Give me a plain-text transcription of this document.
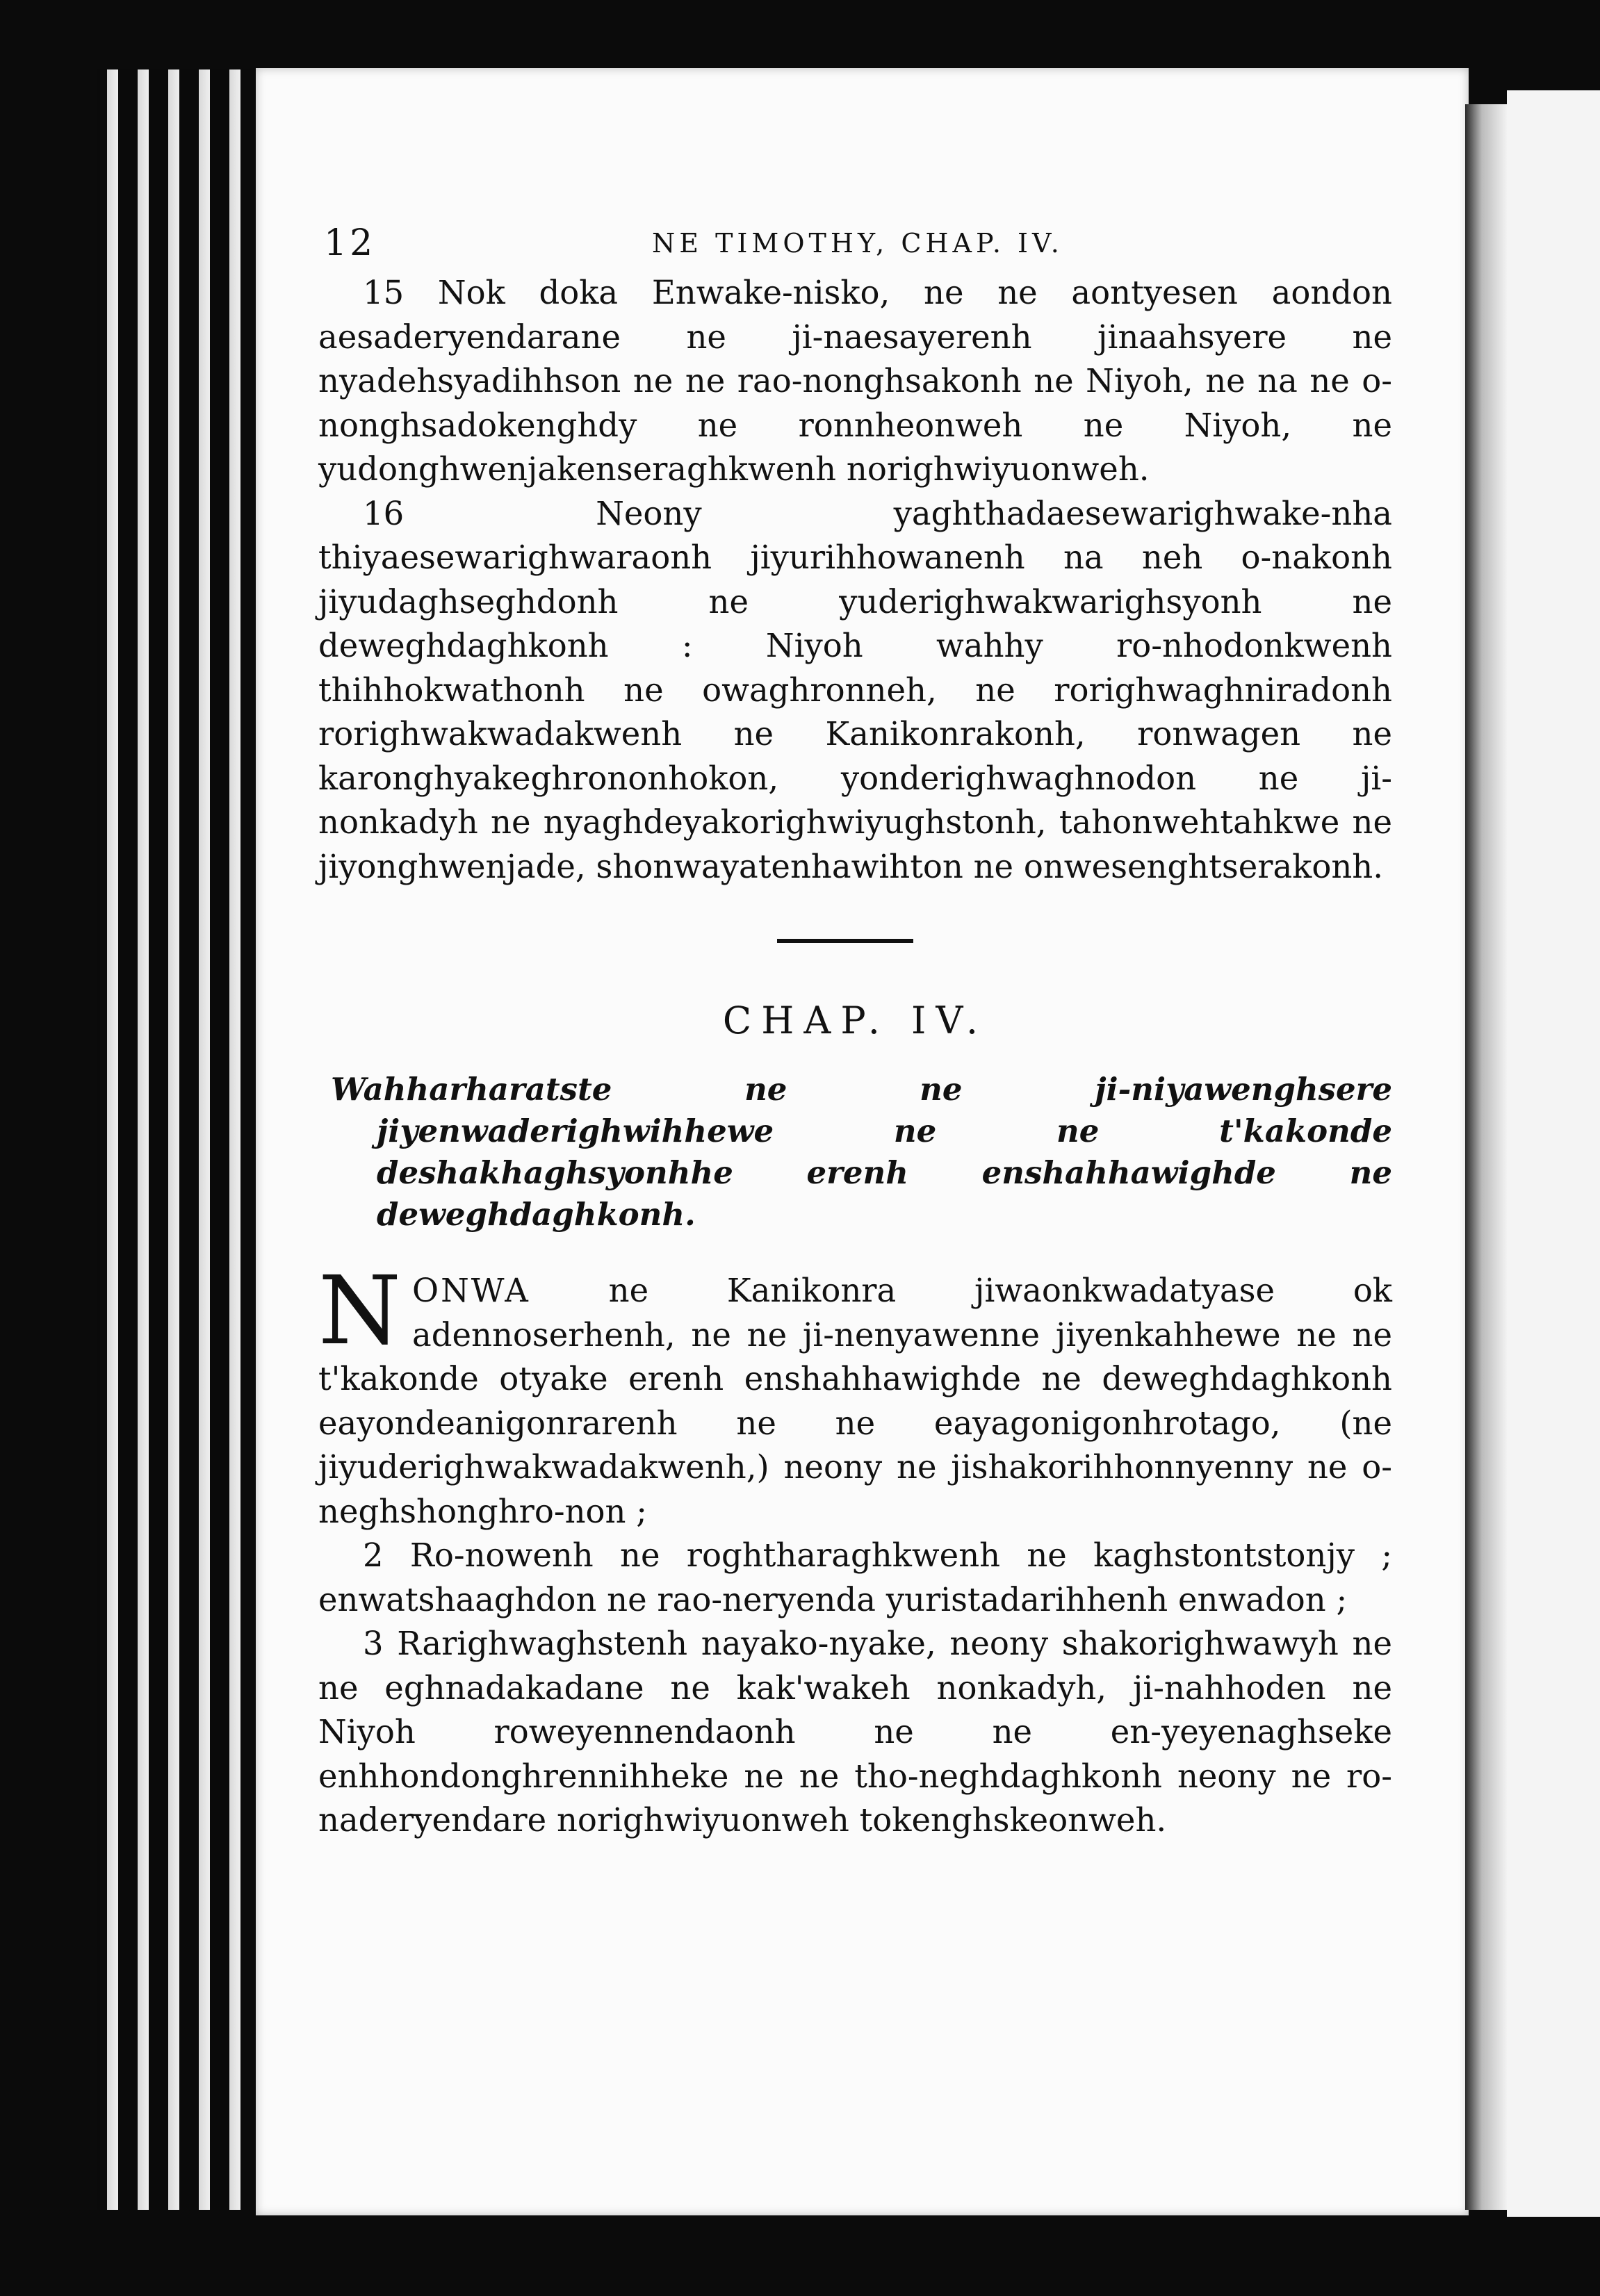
12	NE TIMOTHY, CHAP. IV.

15 Nok doka Enwake-nisko, ne ne aontyesen aondon aesaderyendarane ne ji-naesayerenh jinaahsyere ne nyadehsyadihhson ne ne rao-nonghsakonh ne Niyoh, ne na ne o-nonghsadokenghdy ne ronnheonweh ne Niyoh, ne yudonghwenjakenseraghkwenh norighwiyuonweh.

16 Neony yaghthadaesewarighwake-nha thiyaesewarighwaraonh jiyurihhowanenh na neh o-nakonh jiyudaghseghdonh ne yuderighwakwarighsyonh ne deweghdaghkonh : Niyoh wahhy ro-nhodonkwenh thihhokwathonh ne owaghronneh, ne rorighwaghniradonh rorighwakwadakwenh ne Kanikonrakonh, ronwagen ne karonghyakeghrononhokon, yonderighwaghnodon ne ji-nonkadyh ne nyaghdeyakorighwiyughstonh, tahonwehtahkwe ne jiyonghwenjade, shonwayatenhawihton ne onwesenghtserakonh.

CHAP. IV.

Wahharharatste ne ne ji-niyawenghsere jiyenwaderighwihhewe ne ne t'kakonde deshakhaghsyonhhe erenh enshahhawighde ne deweghdaghkonh.

NONWA ne Kanikonra jiwaonkwadatyase ok adennoserhenh, ne ne ji-nenyawenne jiyenkahhewe ne ne t'kakonde otyake erenh enshahhawighde ne deweghdaghkonh eayondeanigonrarenh ne ne eayagonigonhrotago, (ne jiyuderighwakwadakwenh,) neony ne jishakorihhonnyenny ne o-neghshonghro-non ;

2 Ro-nowenh ne roghtharaghkwenh ne kaghstontstonjy ; enwatshaaghdon ne rao-neryenda yuristadarihhenh enwadon ;

3 Rarighwaghstenh nayako-nyake, neony shakorighwawyh ne ne eghnadakadane ne kak'wakeh nonkadyh, ji-nahhoden ne Niyoh roweyennendaonh ne ne en-yeyenaghseke enhhondonghrennihheke ne ne tho-neghdaghkonh neony ne ro-naderyendare norighwiyuonweh tokenghskeonweh.
